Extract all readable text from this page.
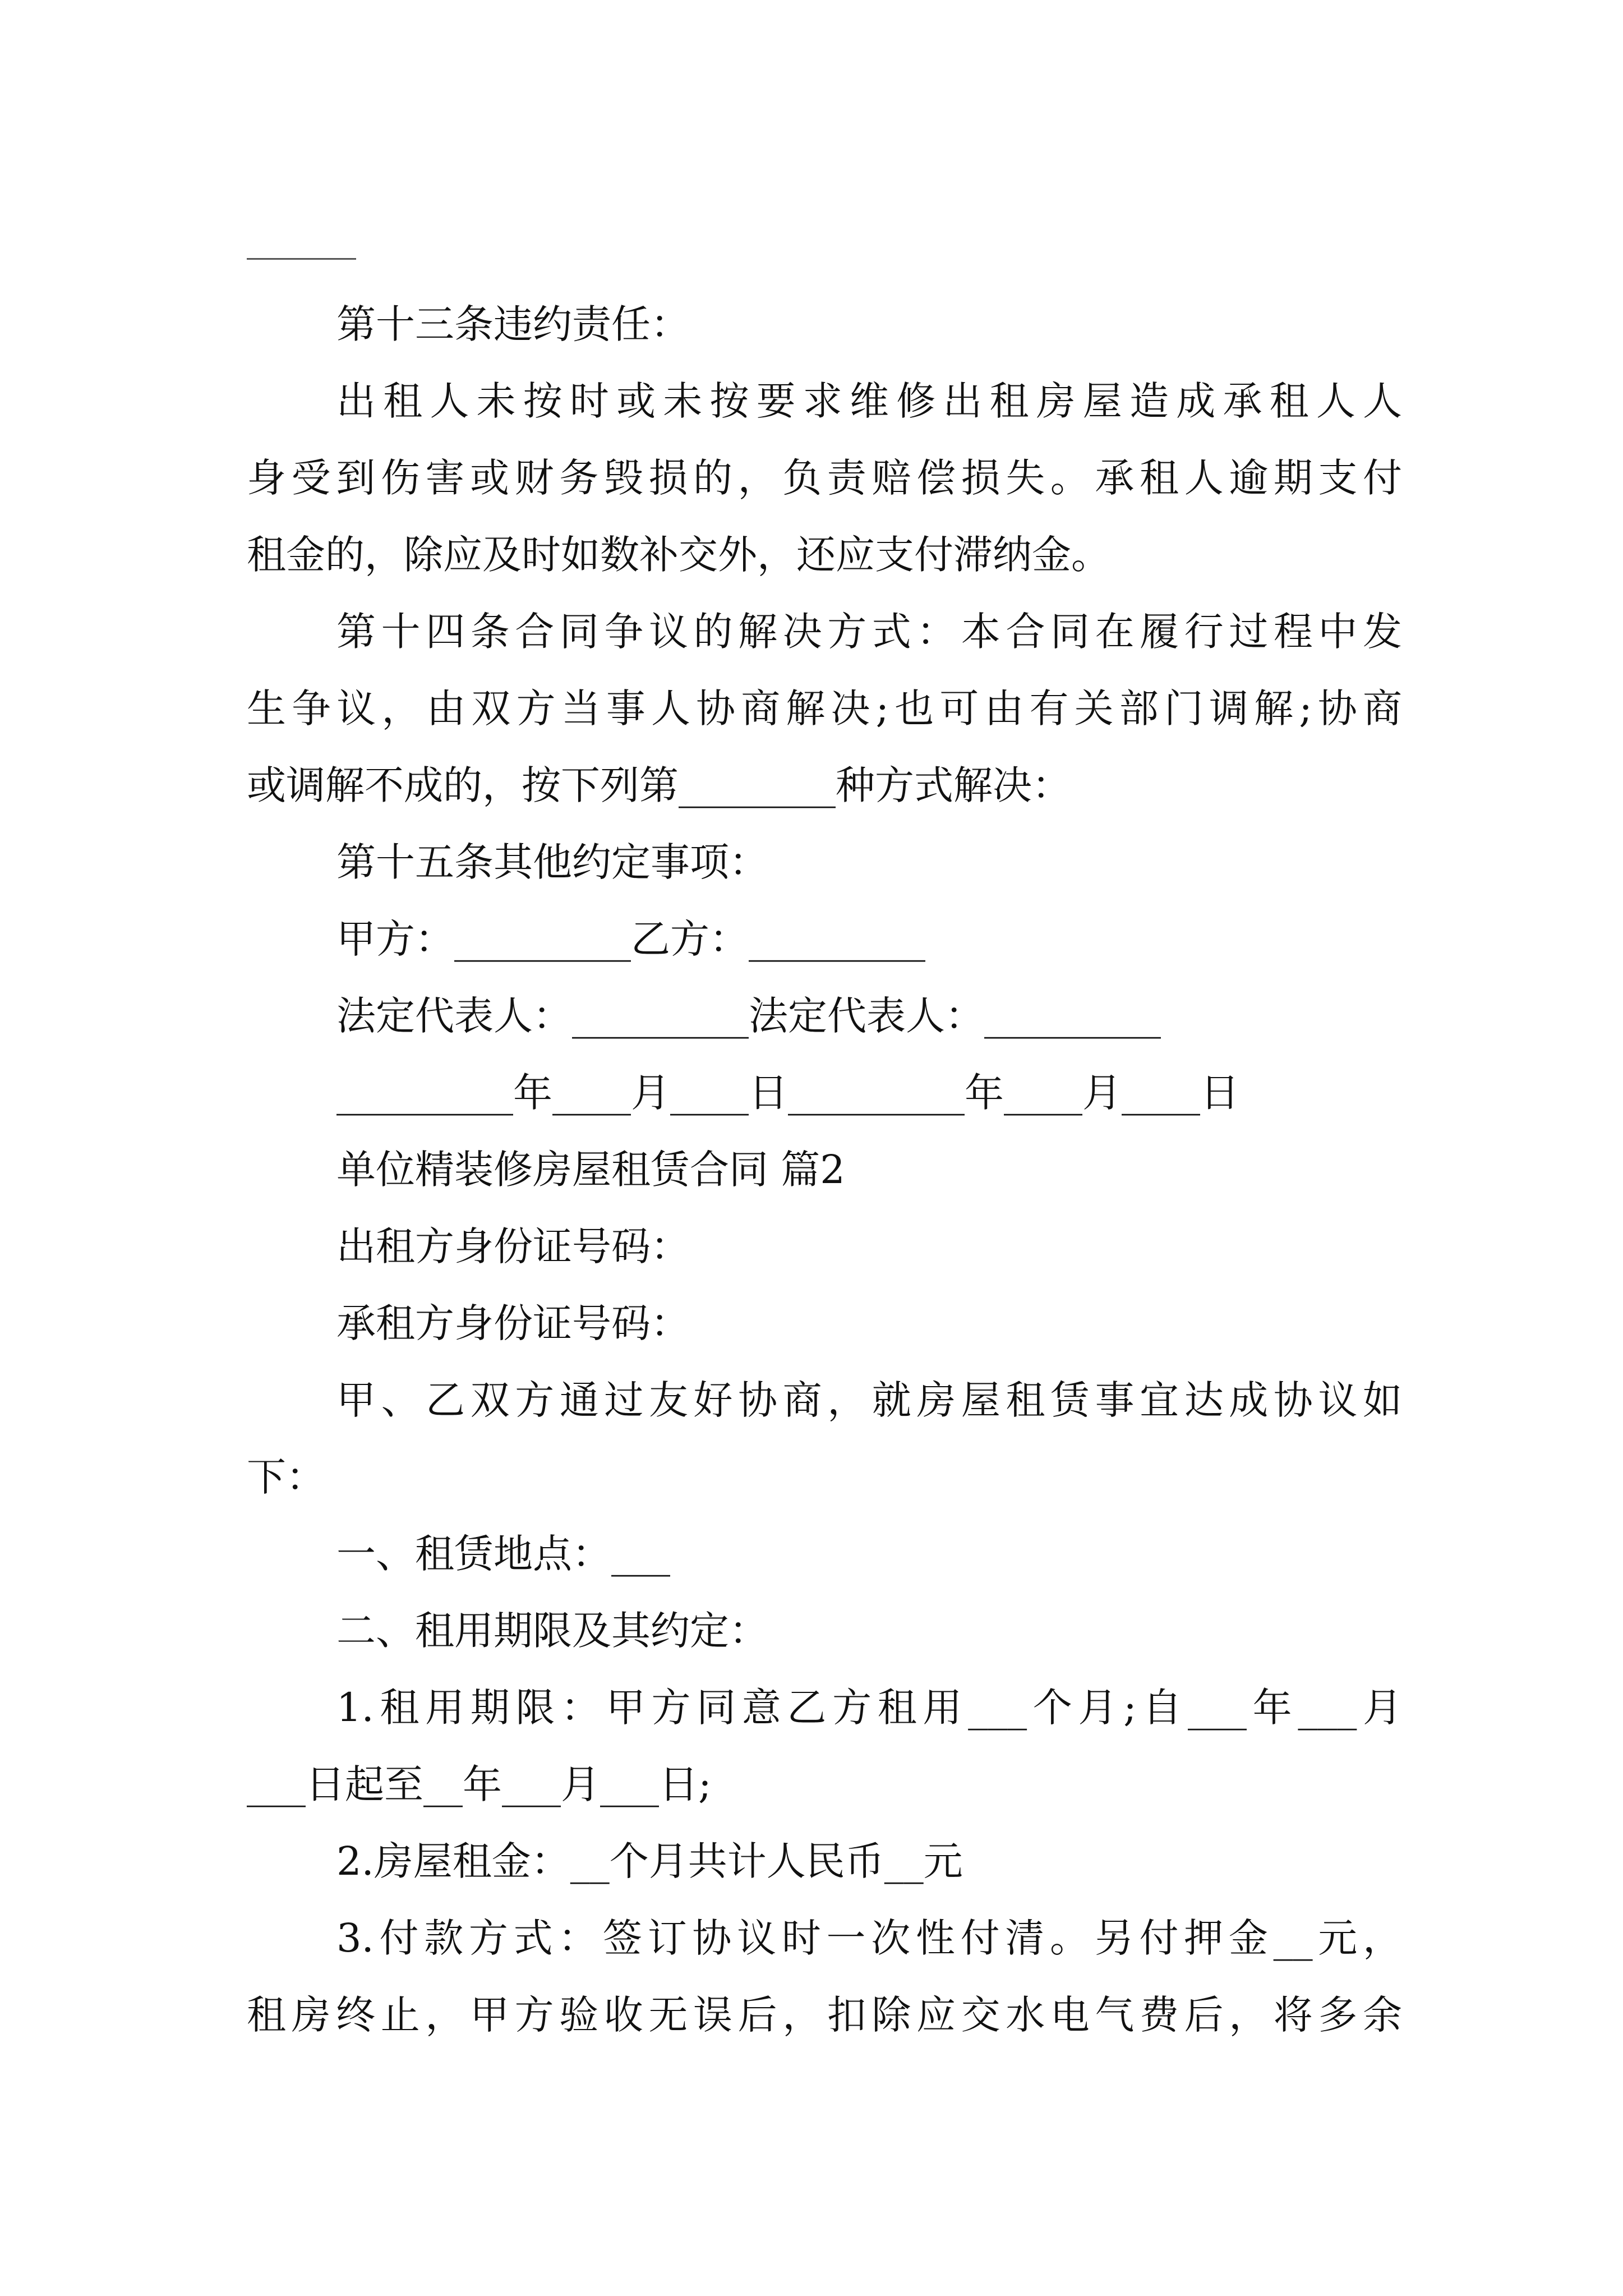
第十三条违约责任：
出租人未按时或未按要求维修出租房屋造成承租人人
身受到伤害或财务毁损的，负责赔偿损失。承租人逾期支付
租金的，除应及时如数补交外，还应支付滞纳金。
第十四条合同争议的解决方式：本合同在履行过程中发
生争议，由双方当事人协商解决;也可由有关部门调解;协商
或调解不成的，按下列第________种方式解决：
第十五条其他约定事项：
甲方：_________乙方：_________
法定代表人：_________法定代表人：_________
_________年____月____日_________年____月____日
单位精装修房屋租赁合同 篇2
出租方身份证号码：
承租方身份证号码：
甲、乙双方通过友好协商，就房屋租赁事宜达成协议如
下：
一、租赁地点：___
二、租用期限及其约定：
1.租用期限：甲方同意乙方租用___个月;自___年___月
___日起至__年___月___日;
2.房屋租金：__个月共计人民币__元
3.付款方式：签订协议时一次性付清。另付押金__元，
租房终止，甲方验收无误后，扣除应交水电气费后，将多余
